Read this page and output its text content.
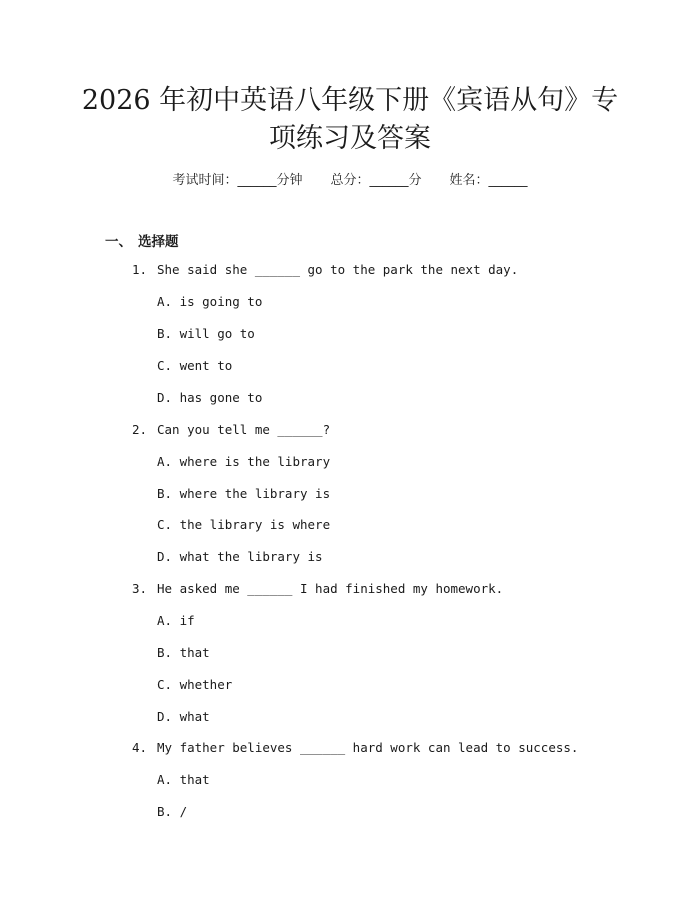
2026 年初中英语八年级下册《宾语从句》专
项练习及答案
考试时间：______分钟 总分：______分 姓名：______
一、 选择题
1. She said she ______ go to the park the next day.
A. is going to
B. will go to
C. went to
D. has gone to
2. Can you tell me ______?
A. where is the library
B. where the library is
C. the library is where
D. what the library is
3. He asked me ______ I had finished my homework.
A. if
B. that
C. whether
D. what
4. My father believes ______ hard work can lead to success.
A. that
B. /
